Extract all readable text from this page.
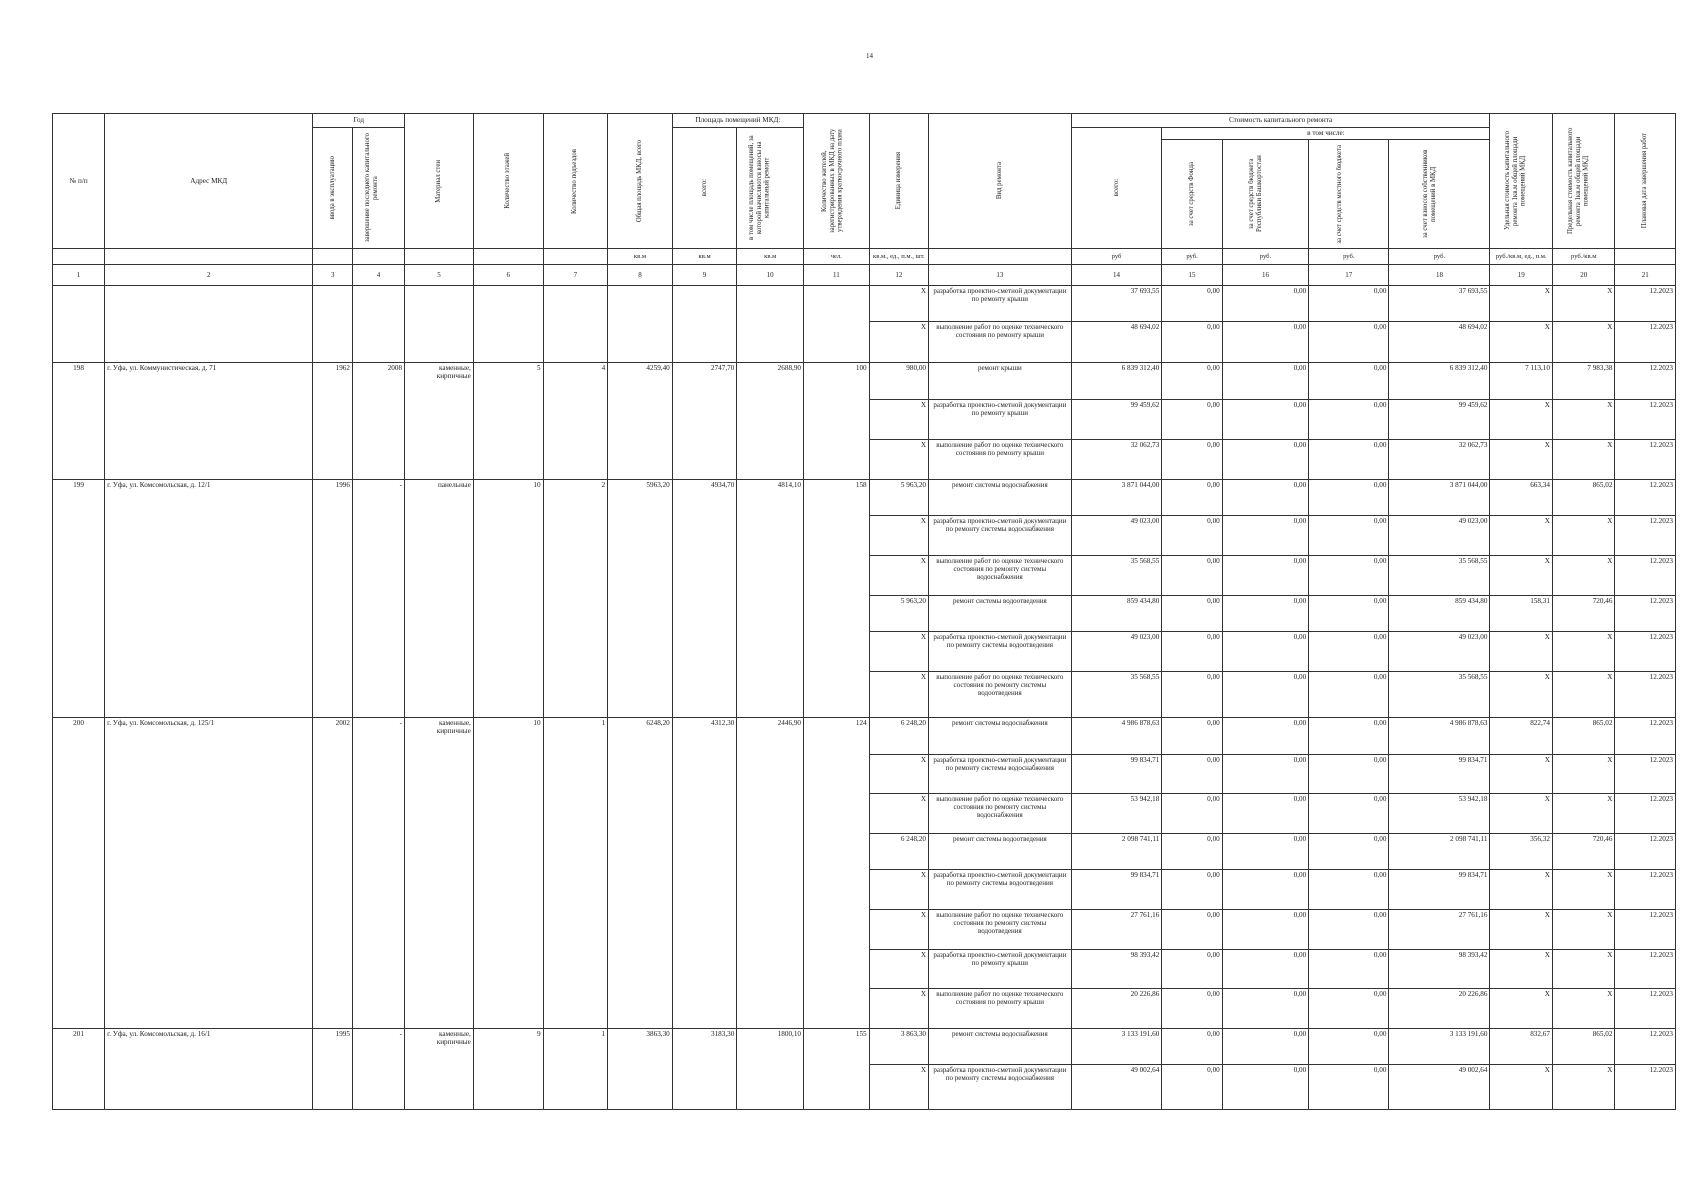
14
№ п/п	Адрес МКД	Год		Материал стен	Количество этажей	Количество подъездов	Общая площадь МКД, всего	Площадь помещений МКД:		Количество жителей, зарегистрированных в МКД на дату утверждения краткосрочного плана	Единица измерения	Вид ремонта	Стоимость капитального ремонта					Удельная стоимость капитального ремонта 1кв.м общей площади помещений МКД	Предельная стоимость капитального ремонта 1кв.м общей площади помещений МКД	Плановая дата завершения работ

		ввода в эксплуатацию	завершение последнего капитального ремонта					всего:	в том числе площадь помещений, за которой начисляются взносы на капитальный ремонт				всего:	в том числе:						

														за счет средств Фонда	за счет средств бюджета Республики Башкортостан	за счет средств местного бюджета	за счет взносов собственников помещений в МКД			

							кв.м	кв.м	кв.м	чел.	кв.м., ед., п.м., шт.		руб	руб.	руб.	руб.	руб.	руб./кв.м, ед., п.м.	руб./кв.м	
1	2	3	4	5	6	7	8	9	10	11	12	13	14	15	16	17	18	19	20	21
											X	разработка проектно-сметной документации по ремонту крыши	37 693,55	0,00	0,00	0,00	37 693,55	X	X	12.2023
											X	выполнение работ по оценке технического состояния по ремонту крыши	48 694,02	0,00	0,00	0,00	48 694,02	X	X	12.2023
198	г. Уфа, ул. Коммунистическая, д. 71	1962	2008	каменные, кирпичные	5	4	4259,40	2747,70	2688,90	100	980,00	ремонт крыши	6 839 312,40	0,00	0,00	0,00	6 839 312,40	7 113,10	7 983,38	12.2023
											X	разработка проектно-сметной документации по ремонту крыши	99 459,62	0,00	0,00	0,00	99 459,62	X	X	12.2023
											X	выполнение работ по оценке технического состояния по ремонту крыши	32 062,73	0,00	0,00	0,00	32 062,73	X	X	12.2023
199	г. Уфа, ул. Комсомольская, д. 12/1	1996	-	панельные	10	2	5963,20	4934,70	4814,10	158	5 963,20	ремонт системы водоснабжения	3 871 044,00	0,00	0,00	0,00	3 871 044,00	663,34	865,02	12.2023
											X	разработка проектно-сметной документации по ремонту системы водоснабжения	49 023,00	0,00	0,00	0,00	49 023,00	X	X	12.2023
											X	выполнение работ по оценке технического состояния по ремонту системы водоснабжения	35 568,55	0,00	0,00	0,00	35 568,55	X	X	12.2023
											5 963,20	ремонт системы водоотведения	859 434,80	0,00	0,00	0,00	859 434,80	158,31	720,46	12.2023
											X	разработка проектно-сметной документации по ремонту системы водоотведения	49 023,00	0,00	0,00	0,00	49 023,00	X	X	12.2023
											X	выполнение работ по оценке технического состояния по ремонту системы водоотведения	35 568,55	0,00	0,00	0,00	35 568,55	X	X	12.2023
200	г. Уфа, ул. Комсомольская, д. 125/1	2002	-	каменные, кирпичные	10	1	6248,20	4312,30	2446,90	124	6 248,20	ремонт системы водоснабжения	4 986 878,63	0,00	0,00	0,00	4 986 878,63	822,74	865,02	12.2023
											X	разработка проектно-сметной документации по ремонту системы водоснабжения	99 834,71	0,00	0,00	0,00	99 834,71	X	X	12.2023
											X	выполнение работ по оценке технического состояния по ремонту системы водоснабжения	53 942,18	0,00	0,00	0,00	53 942,18	X	X	12.2023
											6 248,20	ремонт системы водоотведения	2 098 741,11	0,00	0,00	0,00	2 098 741,11	356,32	720,46	12.2023
											X	разработка проектно-сметной документации по ремонту системы водоотведения	99 834,71	0,00	0,00	0,00	99 834,71	X	X	12.2023
											X	выполнение работ по оценке технического состояния по ремонту системы водоотведения	27 761,16	0,00	0,00	0,00	27 761,16	X	X	12.2023
											X	разработка проектно-сметной документации по ремонту крыши	98 393,42	0,00	0,00	0,00	98 393,42	X	X	12.2023
											X	выполнение работ по оценке технического состояния по ремонту крыши	20 226,86	0,00	0,00	0,00	20 226,86	X	X	12.2023
201	г. Уфа, ул. Комсомольская, д. 16/1	1995	-	каменные, кирпичные	9	1	3863,30	3183,30	1800,10	155	3 863,30	ремонт системы водоснабжения	3 133 191,60	0,00	0,00	0,00	3 133 191,60	832,67	865,02	12.2023
											X	разработка проектно-сметной документации по ремонту системы водоснабжения	49 002,64	0,00	0,00	0,00	49 002,64	X	X	12.2023
